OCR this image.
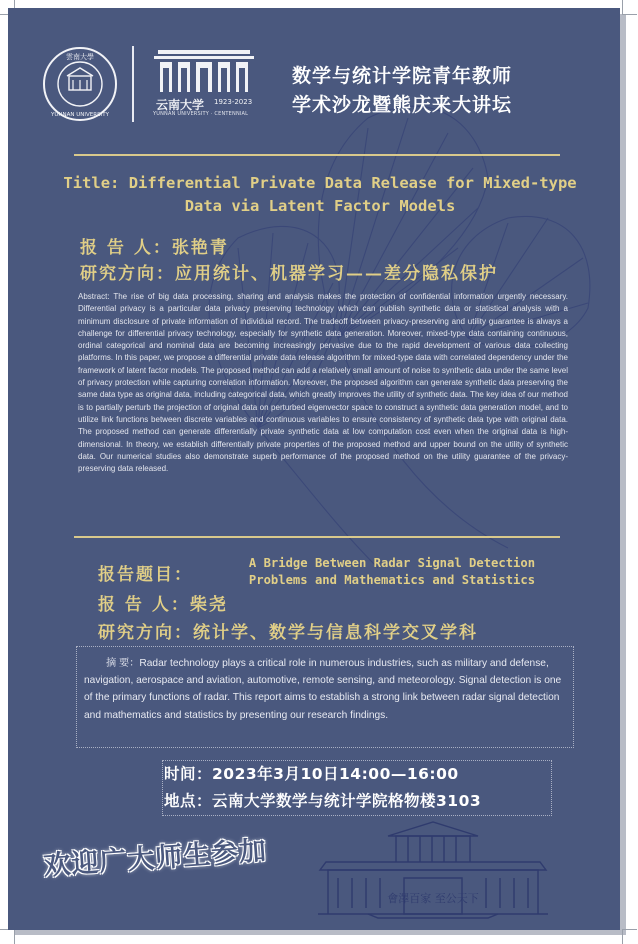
雲南大學
YUNNAN UNIVERSITY
云南大学 1923-2023
YUNNAN UNIVERSITY · CENTENNIAL
数学与统计学院青年教师
学术沙龙暨熊庆来大讲坛
Title: Differential Private Data Release for Mixed-type Data via Latent Factor Models
报 告 人：张艳青
研究方向：应用统计、机器学习——差分隐私保护
Abstract: The rise of big data processing, sharing and analysis makes the protection of confidential information urgently necessary. Differential privacy is a particular data privacy preserving technology which can publish synthetic data or statistical analysis with a minimum disclosure of private information of individual record. The tradeoff between privacy-preserving and utility guarantee is always a challenge for differential privacy technology, especially for synthetic data generation. Moreover, mixed-type data containing continuous, ordinal categorical and nominal data are becoming increasingly pervasive due to the rapid development of various data collecting platforms. In this paper, we propose a differential private data release algorithm for mixed-type data with correlated dependency under the framework of latent factor models. The proposed method can add a relatively small amount of noise to synthetic data under the same level of privacy protection while capturing correlation information. Moreover, the proposed algorithm can generate synthetic data preserving the same data type as original data, including categorical data, which greatly improves the utility of synthetic data. The key idea of our method is to partially perturb the projection of original data on perturbed eigenvector space to construct a synthetic data generation model, and to utilize link functions between discrete variables and continuous variables to ensure consistency of synthetic data type with original data. The proposed method can generate differentially private synthetic data at low computation cost even when the original data is high-dimensional. In theory, we establish differentially private properties of the proposed method and upper bound on the utility of synthetic data. Our numerical studies also demonstrate superb performance of the proposed method on the utility guarantee of the privacy-preserving data released.
报告题目：
A Bridge Between Radar Signal Detection Problems and Mathematics and Statistics
报 告 人：柴尧
研究方向：统计学、数学与信息科学交叉学科
摘 要：Radar technology plays a critical role in numerous industries, such as military and defense, navigation, aerospace and aviation, automotive, remote sensing, and meteorology. Signal detection is one of the primary functions of radar. This report aims to establish a strong link between radar signal detection and mathematics and statistics by presenting our research findings.
时间：2023年3月10日14:00—16:00
地点：云南大学数学与统计学院格物楼3103
會澤百家 至公天下
欢迎广大师生参加
